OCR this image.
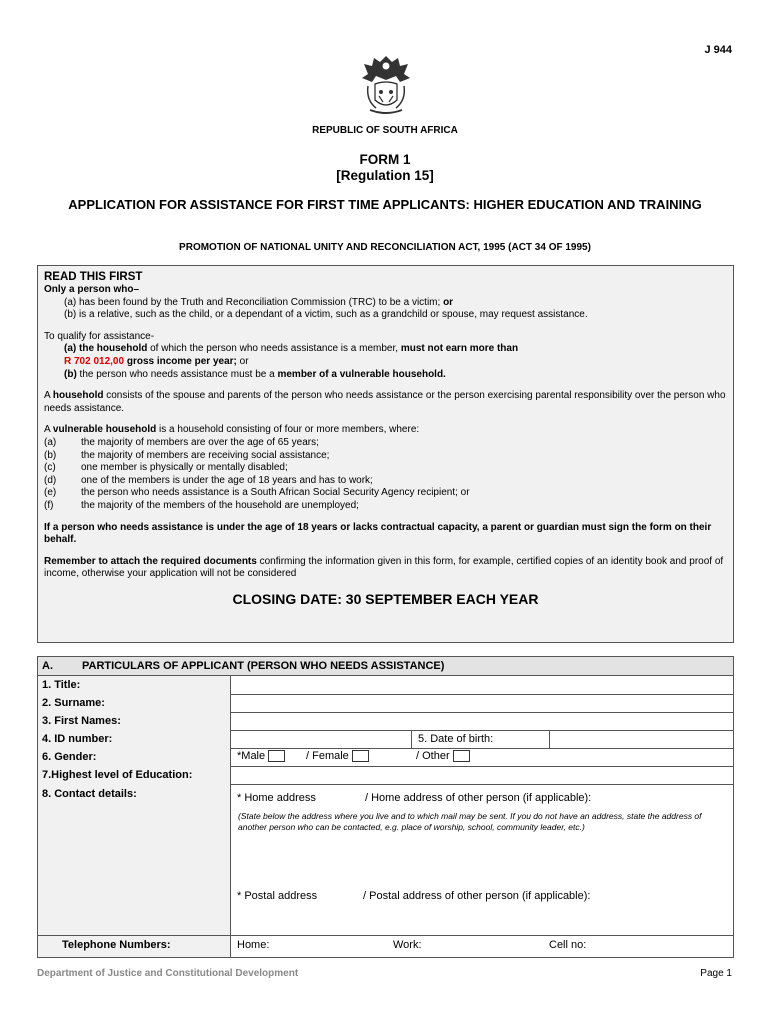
J 944
REPUBLIC OF SOUTH AFRICA
FORM 1
[Regulation 15]
APPLICATION FOR ASSISTANCE FOR FIRST TIME APPLICANTS: HIGHER EDUCATION AND TRAINING
PROMOTION OF NATIONAL UNITY AND RECONCILIATION ACT, 1995 (ACT 34 OF 1995)
READ THIS FIRST

Only a person who–

(a) has been found by the Truth and Reconciliation Commission (TRC) to be a victim; or

(b) is a relative, such as the child, or a dependant of a victim, such as a grandchild or spouse, may request assistance.

To qualify for assistance-

(a) the household of which the person who needs assistance is a member, must not earn more than

R 702 012,00 gross income per year; or

(b) the person who needs assistance must be a member of a vulnerable household.

A household consists of the spouse and parents of the person who needs assistance or the person exercising parental responsibility over the person who needs assistance.

A vulnerable household is a household consisting of four or more members, where:

(a)	the majority of members are over the age of 65 years;
(b)	the majority of members are receiving social assistance;
(c)	one member is physically or mentally disabled;
(d)	one of the members is under the age of 18 years and has to work;
(e)	the person who needs assistance is a South African Social Security Agency recipient; or
(f)	the majority of the members of the household are unemployed;

If a person who needs assistance is under the age of 18 years or lacks contractual capacity, a parent or guardian must sign the form on their behalf.

Remember to attach the required documents confirming the information given in this form, for example, certified copies of an identity book and proof of income, otherwise your application will not be considered

CLOSING DATE: 30 SEPTEMBER EACH YEAR
A.	PARTICULARS OF APPLICANT (PERSON WHO NEEDS ASSISTANCE)
1. Title:
2. Surname:
3. First Names:
4. ID number:	5. Date of birth:
6. Gender:	*Male	/ Female	/ Other
7.Highest level of Education:
8. Contact details:	* Home address	/ Home address of other person (if applicable):
(State below the address where you live and to which mail may be sent. If you do not have an address, state the address of another person who can be contacted, e.g. place of worship, school, community leader, etc.)
* Postal address	/ Postal address of other person (if applicable):
Telephone Numbers:	Home:	Work:	Cell no:
Department of Justice and Constitutional Development	Page 1
